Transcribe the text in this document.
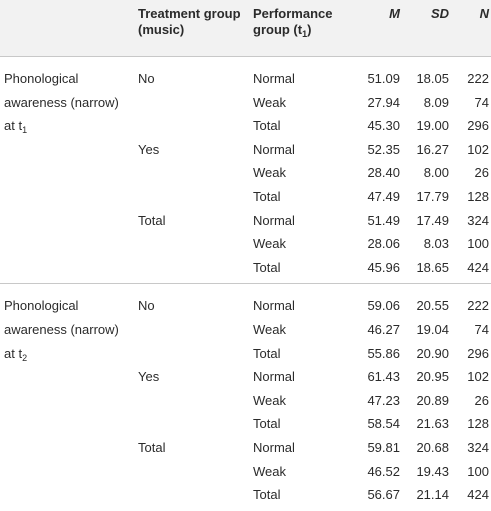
	Treatment group (music)	Performance group $(t_1)$	M	SD	N

Phonological
awareness (narrow)
at $t_1$	No	Normal	51.09	18.05	222
		Weak	27.94	8.09	74
		Total	45.30	19.00	296
	Yes	Normal	52.35	16.27	102
		Weak	28.40	8.00	26
		Total	47.49	17.79	128
	Total	Normal	51.49	17.49	324
		Weak	28.06	8.03	100
		Total	45.96	18.65	424

Phonological
awareness (narrow)
at $t_2$	No	Normal	59.06	20.55	222
		Weak	46.27	19.04	74
		Total	55.86	20.90	296
	Yes	Normal	61.43	20.95	102
		Weak	47.23	20.89	26
		Total	58.54	21.63	128
	Total	Normal	59.81	20.68	324
		Weak	46.52	19.43	100
		Total	56.67	21.14	424
